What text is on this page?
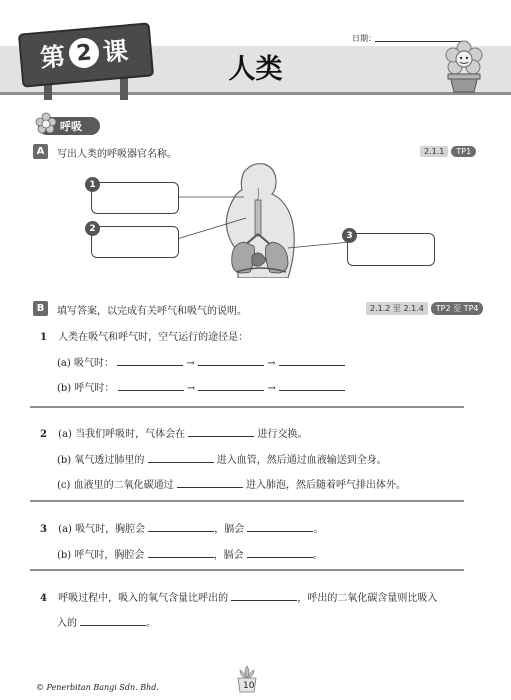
第 2 课
人类
日期：
呼吸
A	写出人类的呼吸器官名称。	2.1.1	TP1
1
2
3
B	填写答案，以完成有关呼气和吸气的说明。	2.1.2 至 2.1.4	TP2 至 TP4
1 人类在吸气和呼气时，空气运行的途径是：
(a) 吸气时：	→	→
(b) 呼气时：	→	→
2 (a) 当我们呼吸时，气体会在	进行交换。
(b) 氧气透过肺里的	进入血管，然后通过血液输送到全身。
(c) 血液里的二氧化碳通过	进入肺泡，然后随着呼气排出体外。
3 (a) 吸气时，胸腔会	，膈会	。
(b) 呼气时，胸腔会	，膈会	。
4 呼吸过程中，吸入的氧气含量比呼出的	，呼出的二氧化碳含量则比吸入
入的	。
© Penerbitan Bangi Sdn. Bhd.	10
